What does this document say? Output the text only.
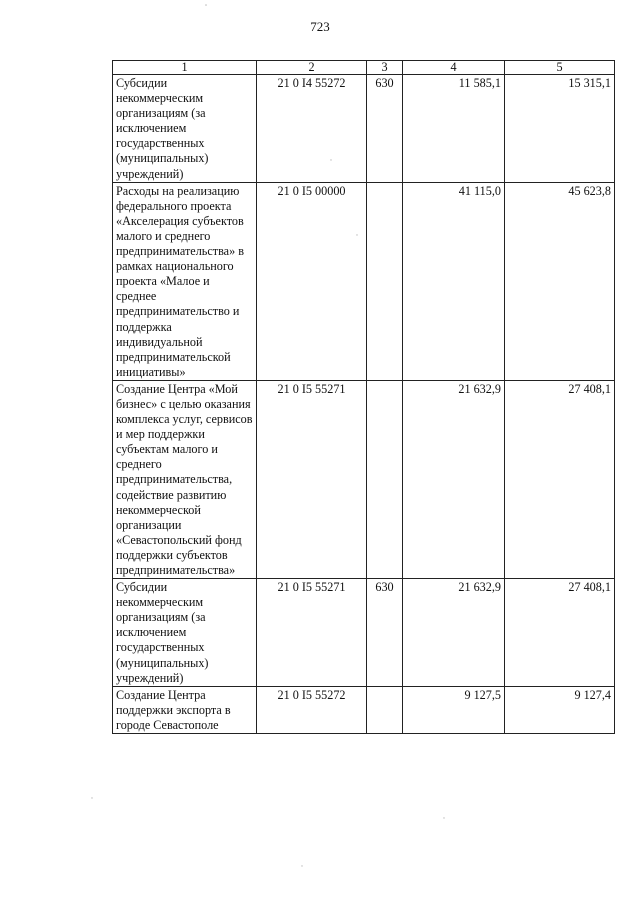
723
1	2	3	4	5
Субсидии некоммерческим организациям (за исключением государственных (муниципальных) учреждений)	21 0 I4 55272	630	11 585,1	15 315,1
Расходы на реализацию федерального проекта «Акселерация субъектов малого и среднего предпринимательства» в рамках национального проекта «Малое и среднее предпринимательство и поддержка индивидуальной предпринимательской инициативы»	21 0 I5 00000		41 115,0	45 623,8
Создание Центра «Мой бизнес» с целью оказания комплекса услуг, сервисов и мер поддержки субъектам малого и среднего предпринимательства, содействие развитию некоммерческой организации «Севастопольский фонд поддержки субъектов предпринимательства»	21 0 I5 55271		21 632,9	27 408,1
Субсидии некоммерческим организациям (за исключением государственных (муниципальных) учреждений)	21 0 I5 55271	630	21 632,9	27 408,1
Создание Центра поддержки экспорта в городе Севастополе	21 0 I5 55272		9 127,5	9 127,4
